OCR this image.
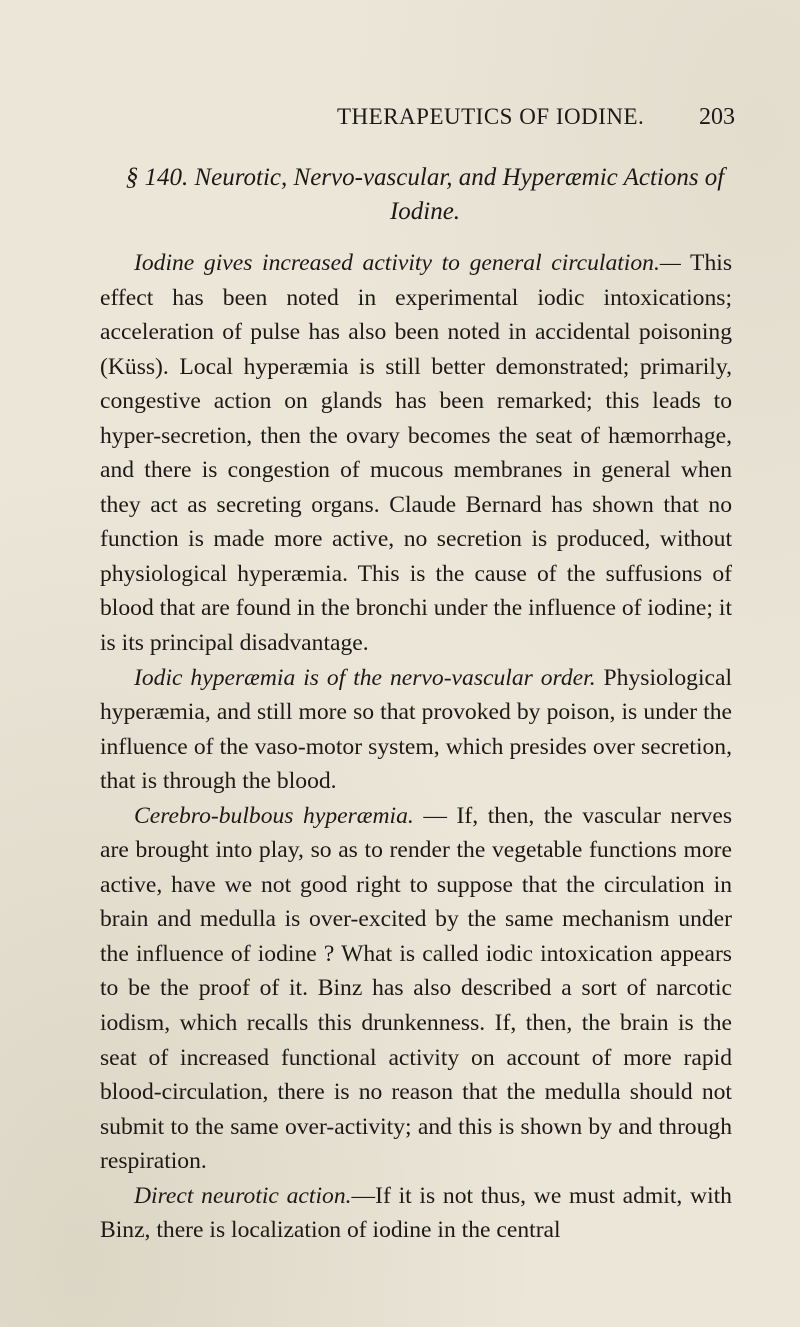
THERAPEUTICS OF IODINE. 203
§ 140. Neurotic, Nervo-vascular, and Hyperæmic Actions of Iodine.

Iodine gives increased activity to general circulation.— This effect has been noted in experimental iodic intoxications; acceleration of pulse has also been noted in accidental poisoning (Küss). Local hyperæmia is still better demonstrated; primarily, congestive action on glands has been remarked; this leads to hyper-secretion, then the ovary becomes the seat of hæmorrhage, and there is congestion of mucous membranes in general when they act as secreting organs. Claude Bernard has shown that no function is made more active, no secretion is produced, without physiological hyperæmia. This is the cause of the suffusions of blood that are found in the bronchi under the influence of iodine; it is its principal disadvantage.

Iodic hyperæmia is of the nervo-vascular order. Physiological hyperæmia, and still more so that provoked by poison, is under the influence of the vaso-motor system, which presides over secretion, that is through the blood.

Cerebro-bulbous hyperæmia. — If, then, the vascular nerves are brought into play, so as to render the vegetable functions more active, have we not good right to suppose that the circulation in brain and medulla is over-excited by the same mechanism under the influence of iodine ? What is called iodic intoxication appears to be the proof of it. Binz has also described a sort of narcotic iodism, which recalls this drunkenness. If, then, the brain is the seat of increased functional activity on account of more rapid blood-circulation, there is no reason that the medulla should not submit to the same over-activity; and this is shown by and through respiration.

Direct neurotic action.—If it is not thus, we must admit, with Binz, there is localization of iodine in the central
